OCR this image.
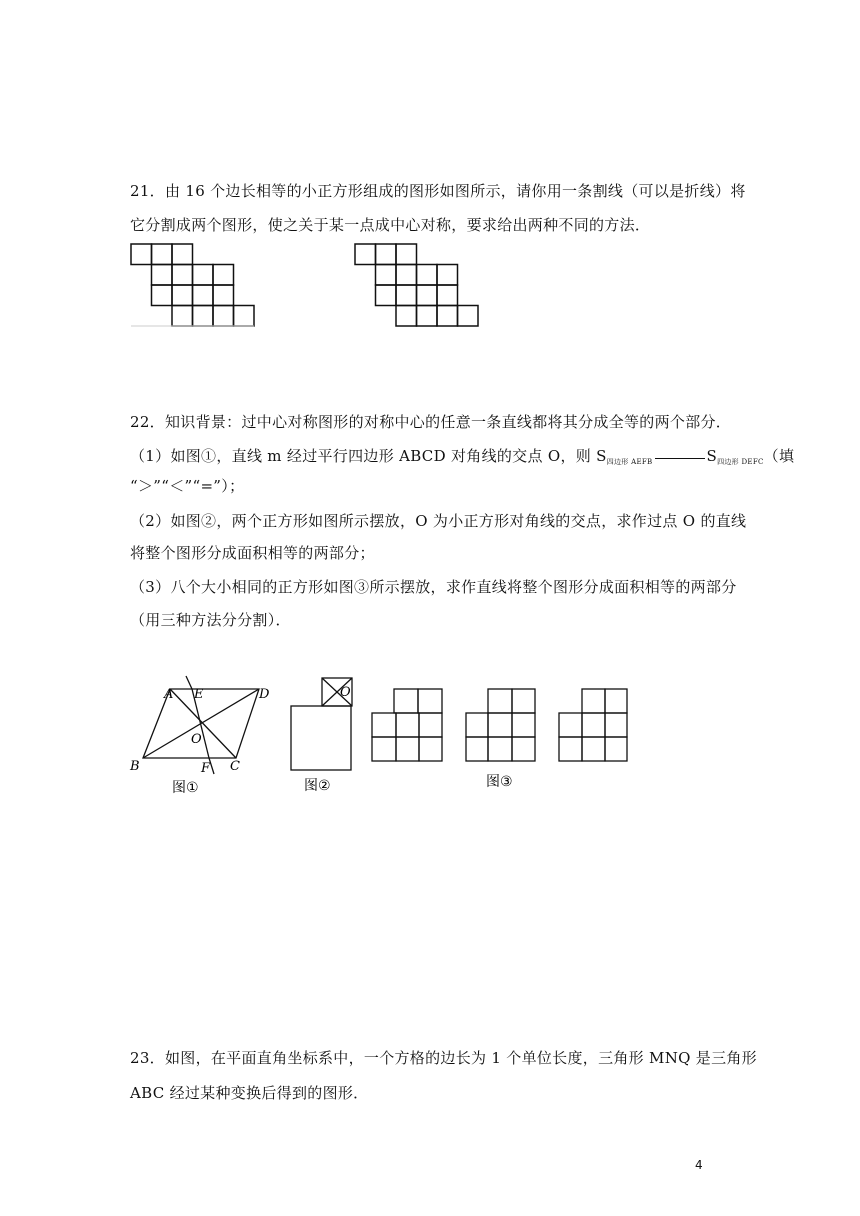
21．由 16 个边长相等的小正方形组成的图形如图所示，请你用一条割线（可以是折线）将
它分割成两个图形，使之关于某一点成中心对称，要求给出两种不同的方法．
22．知识背景：过中心对称图形的对称中心的任意一条直线都将其分成全等的两个部分．
（1）如图①，直线 m 经过平行四边形 ABCD 对角线的交点 O，则 $S_{四边形 AEFB}$	$S_{四边形 DEFC}$（填
“＞”“＜”“=”）；
（2）如图②，两个正方形如图所示摆放，O 为小正方形对角线的交点，求作过点 O 的直线
将整个图形分成面积相等的两部分；
（3）八个大小相同的正方形如图③所示摆放，求作直线将整个图形分成面积相等的两部分
（用三种方法分分割）．
A E	D
O
B	F C
图①
O
图②	图③
23．如图，在平面直角坐标系中，一个方格的边长为 1 个单位长度，三角形 MNQ 是三角形
ABC 经过某种变换后得到的图形．
4
